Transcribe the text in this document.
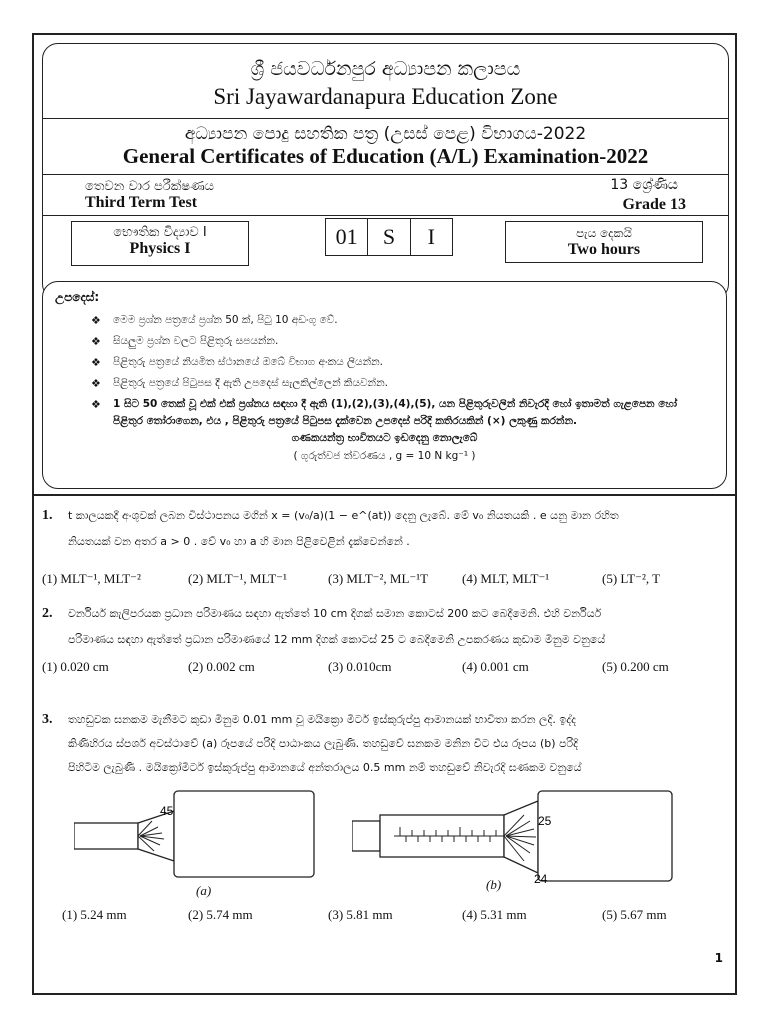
ශ්‍රී ජයවර්ධනපුර අධ්‍යාපන කලාපය
Sri Jayawardanapura Education Zone
අධ්‍යාපන පොදු සහතික පත්‍ර (උසස් පෙළ) විභාගය-2022
General Certificates of Education (A/L) Examination-2022
තෙවන වාර පරීක්ෂණය
Third Term Test
13 ශ්‍රේණිය
Grade 13
භෞතික විද්‍යාව I
Physics I	01	S	I	පැය දෙකයි
Two hours
උපදෙස්:
❖ මෙම ප්‍රශ්න පත්‍රයේ ප්‍රශ්න 50 ක්, පිටු 10 අඩංගු වේ.
❖ සියලුම ප්‍රශ්න වලට පිළිතුරු සපයන්න.
❖ පිළිතුරු පත්‍රයේ නියමිත ස්ථානයේ ඔබේ විභාග අංකය ලියන්න.
❖ පිළිතුරු පත්‍රයේ පිටුපස දී ඇති උපදෙස් සැලකිල්ලෙන් කියවන්න.
❖ 1 සිට 50 තෙක් වූ එක් එක් ප්‍රශ්නය සඳහා දී ඇති (1),(2),(3),(4),(5), යන පිළිතුරුවලින් නිවැරදි හෝ ඉතාමත් ගැළපෙන හෝ පිළිතුර තෝරාගෙන, එය , පිළිතුරු පත්‍රයේ පිටුපස දැක්වෙන උපදෙස් පරිදි කතිරයකින් (×) ලකුණු කරන්න.
ගණකයන්ත්‍ර භාවිතයට ඉඩදෙනු නොලැබේ
( ගුරුත්වජ ත්වරණය , g = 10 N kg⁻¹ )
1. t කාලයකදී අංශුවක් ලබන විස්ථාපනය මගින් x = (v₀/a)(1 − e^(at)) දෙනු ලැබේ. මේ v₀ නියතයකි . e යනු මාන රහිත
නියතයක් වන අතර a > 0 . වේ v₀ හා a හි මාන පිළිවෙළින් දැක්වෙන්නේ .
(1) MLT⁻¹, MLT⁻²	(2) MLT⁻¹, MLT⁻¹	(3) MLT⁻², ML⁻¹T	(4) MLT, MLT⁻¹	(5) LT⁻², T
2. වර්නියර් කැලිපරයක ප්‍රධාන පරිමාණය සඳහා ඇත්තේ 10 cm දිගක් සමාන කොටස් 200 කට බෙදීමෙනි. එහි වර්නියර්
පරිමාණය සඳහා ඇත්තේ ප්‍රධාන පරිමාණයේ 12 mm දිගක් කොටස් 25 ට බෙදීමෙනි උපකරණය කුඩාම මිනුම වනුයේ
(1) 0.020 cm	(2) 0.002 cm	(3) 0.010cm	(4) 0.001 cm	(5) 0.200 cm
3. තහඩුවක ඝනකම මැනීමට කුඩා මිනුම 0.01 mm වූ මයික්‍රො මීටර් ඉස්කුරුප්පු ආමානයක් භාවිතා කරන ලදි. ඉද්ද
කිණිහිරය ස්පර්ශ අවස්ථාවේ (a) රූපයේ පරිදි පාඨාංකය ලැබුණි. තහඩුවේ ඝනකම මනින විට එය රූපය (b) පරිදි
පිහිටීම ලැබුණි . මයික්‍රෝමීටර් ඉස්කුරුප්පු ආමානයේ අන්තරාලය 0.5 mm නම් තහඩුවේ නිවැරදි ඝණකම වනුයේ
45
(a)
25
24
(b)
(1) 5.24 mm	(2) 5.74 mm	(3) 5.81 mm	(4) 5.31 mm	(5) 5.67 mm
1
